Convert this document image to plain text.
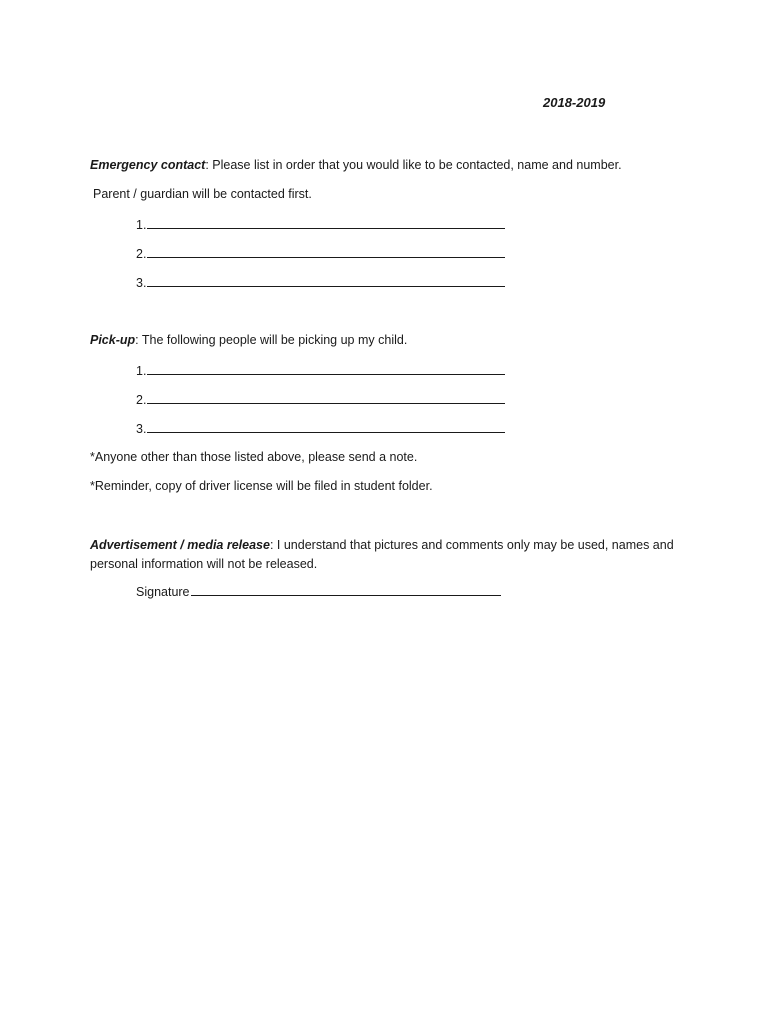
2018-2019
Emergency contact: Please list in order that you would like to be contacted, name and number.
Parent / guardian will be contacted first.
1.
2.
3.
Pick-up: The following people will be picking up my child.
1.
2.
3.
*Anyone other than those listed above, please send a note.
*Reminder, copy of driver license will be filed in student folder.
Advertisement / media release: I understand that pictures and comments only may be used, names and personal information will not be released.
Signature
